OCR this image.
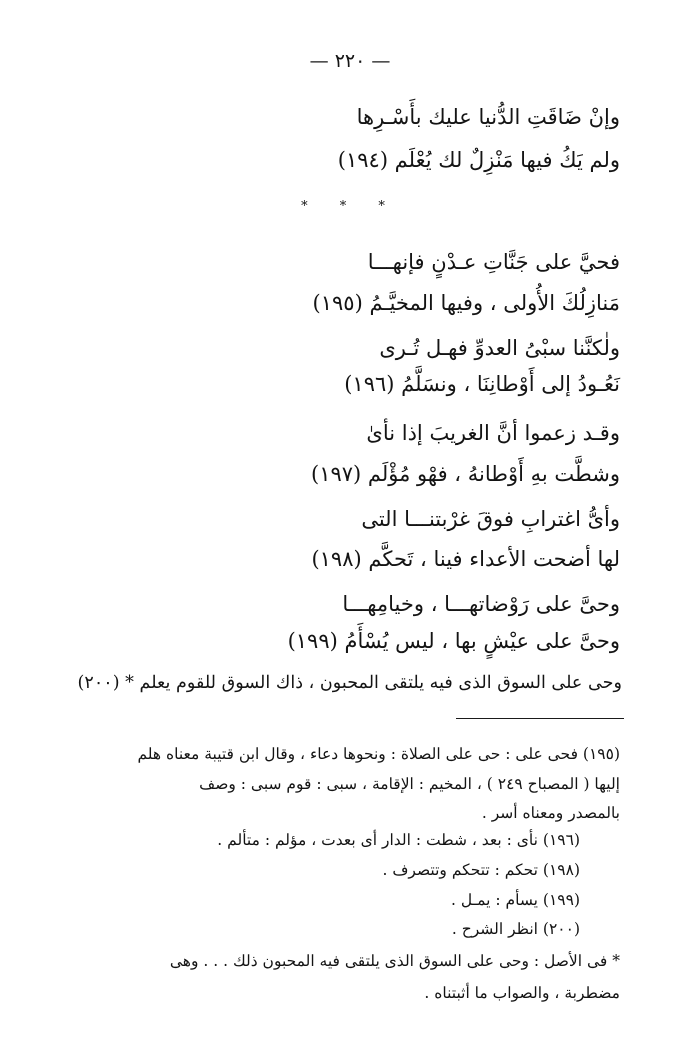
— ٢٢٠ —
وإنْ ضَاقَتِ الدُّنيا عليك بأَسْـرِها
ولم يَكُ فيها مَنْزِلٌ لك يُعْلَم (١٩٤)
* * *
فحيَّ على جَنَّاتِ عـدْنٍ فإنهـــا
مَنازِلُكَ الأُولى ، وفيها المخيَّـمُ (١٩٥)
ولٰكنَّنا سبْىُ العدوِّ فهـل تُـرى
نَعُـودُ إلى أَوْطانِنَا ، ونسَلَّمُ (١٩٦)
وقـد زعموا أنَّ الغريبَ إذا نأىٰ
وشطَّت بهِ أَوْطانهُ ، فهْو مُؤْلَم (١٩٧)
وأىُّ اغترابِ فوقَ غرْبتنـــا التى
لها أضحت الأعداء فينا ، تَحكَّم (١٩٨)
وحىَّ على رَوْضاتهـــا ، وخيامِهـــا
وحىَّ على عيْشٍ بها ، ليس يُسْأَمُ (١٩٩)
وحى على السوق الذى فيه يلتقى المحبون ، ذاك السوق للقوم يعلم * (٢٠٠)
(١٩٥) فحى على : حى على الصلاة : ونحوها دعاء ، وقال ابن قتيبة معناه هلم
إليها ( المصباح ٢٤٩ ) ، المخيم : الإقامة ، سبى : قوم سبى : وصف
بالمصدر ومعناه أسر .
(١٩٦) نأى : بعد ، شطت : الدار أى بعدت ، مؤلم : متألم .
(١٩٨) تحكم : تتحكم وتتصرف .
(١٩٩) يسأم : يمـل .
(٢٠٠) انظر الشرح .
* فى الأصل : وحى على السوق الذى يلتقى فيه المحبون ذلك . . . وهى
مضطربة ، والصواب ما أثبتناه .
